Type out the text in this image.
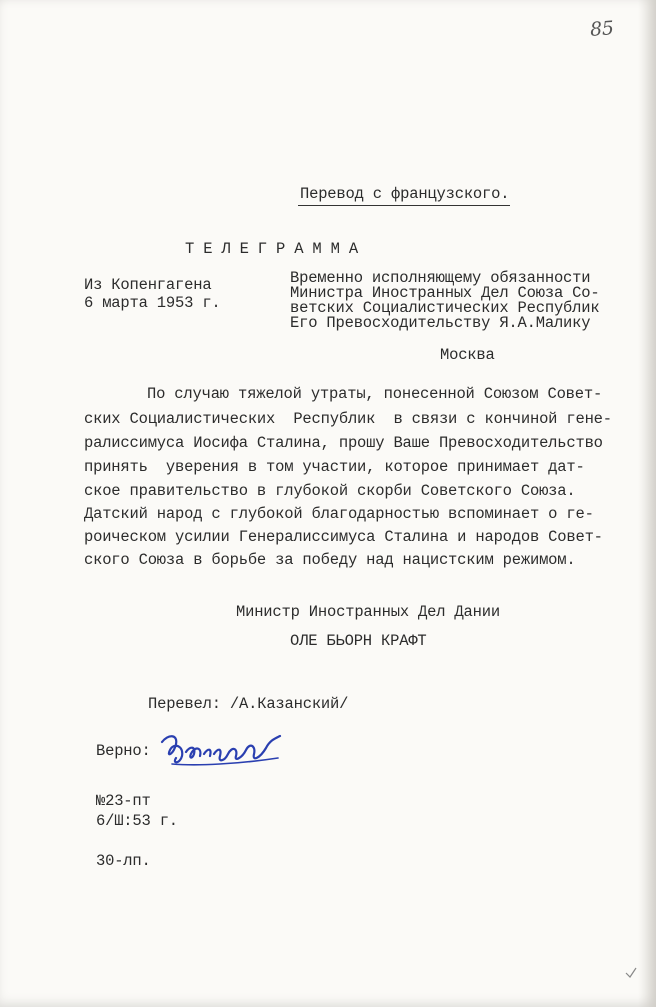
85
Перевод с французского.
Т Е Л Е Г Р А М М А
Из Копенгагена
6 марта 1953 г.
Временно исполняющему обязанности
Министра Иностранных Дел Союза Со-
ветских Социалистических Республик
Его Превосходительству Я.А.Малику
Москва
По случаю тяжелой утраты, понесенной Союзом Совет-
ских Социалистических  Республик  в связи с кончиной гене-
ралиссимуса Иосифа Сталина, прошу Ваше Превосходительство
принять  уверения в том участии, которое принимает дат-
ское правительство в глубокой скорби Советского Союза.
Датский народ с глубокой благодарностью вспоминает о ге-
роическом усилии Генералиссимуса Сталина и народов Совет-
ского Союза в борьбе за победу над нацистским режимом.
Министр Иностранных Дел Дании
ОЛЕ БЬОРН КРАФТ
Перевел: /А.Казанский/
Верно:
№23-пт
6/Ш:53 г.
30-лп.
